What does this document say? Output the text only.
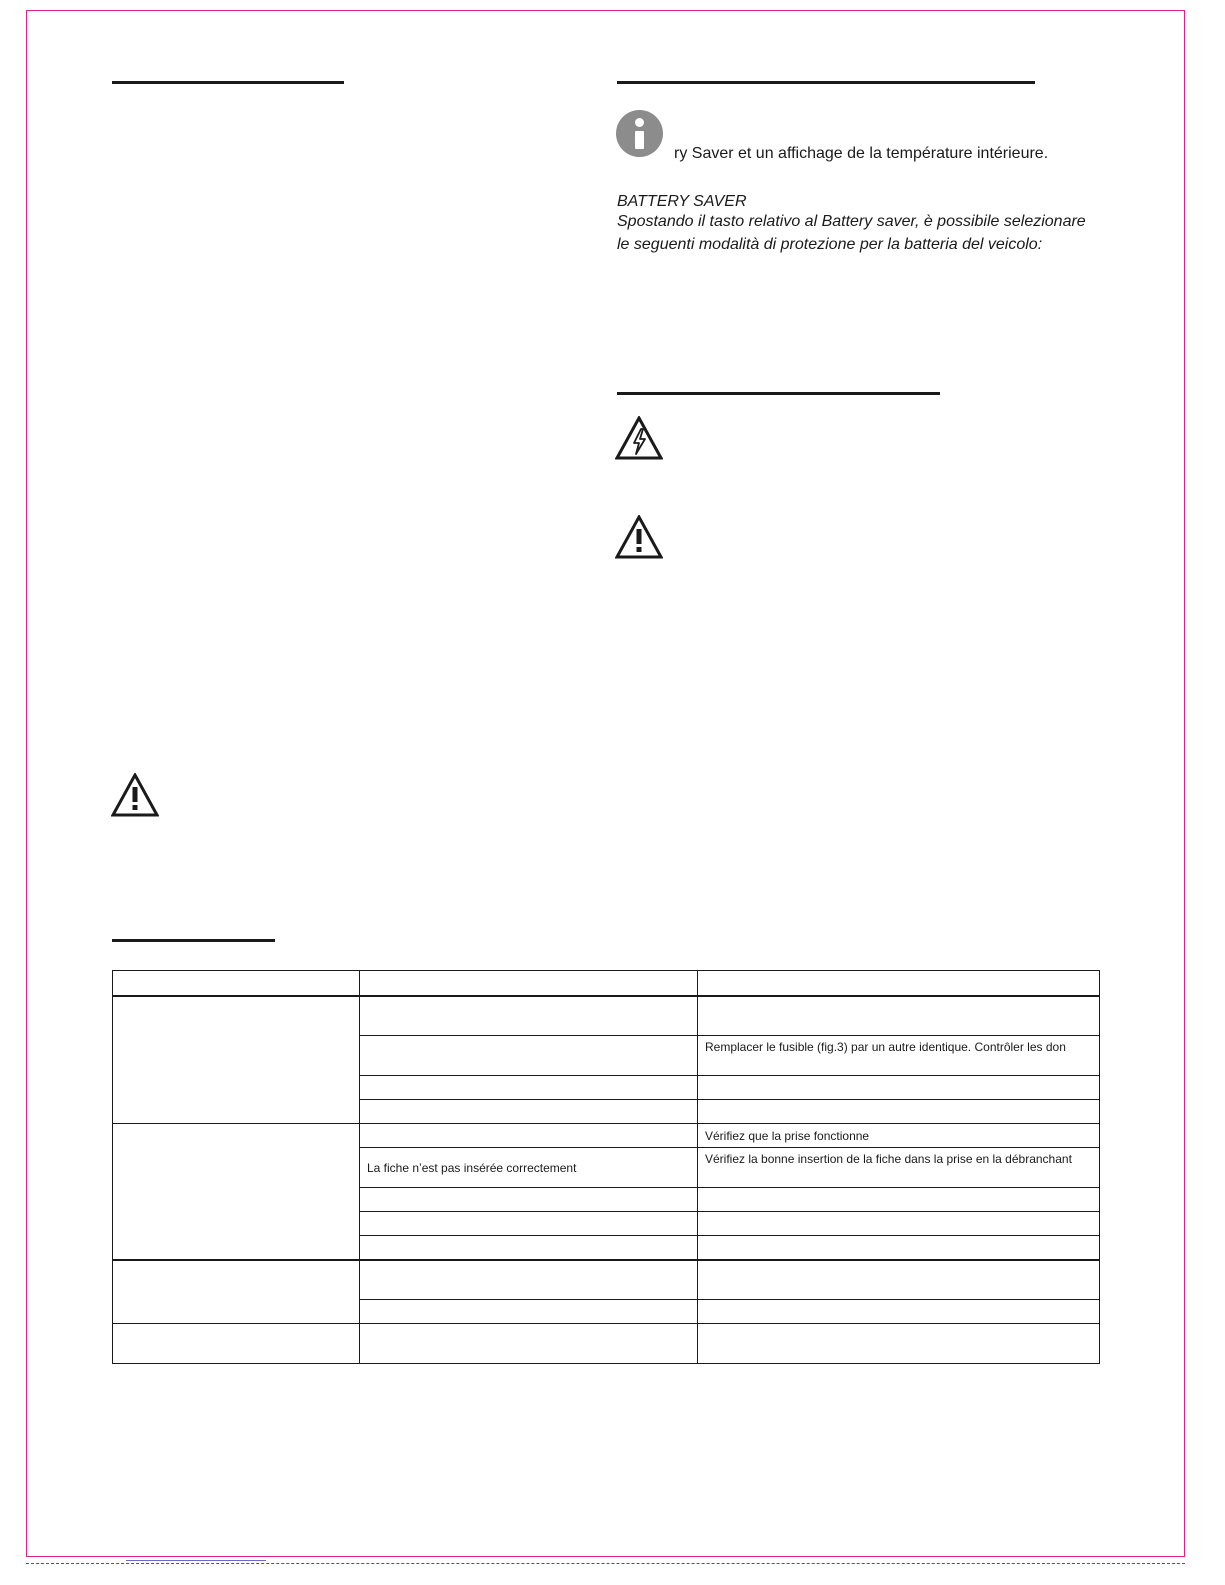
ry Saver et un affichage de la température intérieure.
BATTERY SAVER
Spostando il tasto relativo al Battery saver, è possibile selezionare
le seguenti modalità di protezione per la batteria del veicolo:

		Remplacer le fusible (fig.3) par un autre identique. Contrôler les don

		Vérifiez que la prise fonctionne
	La fiche n’est pas insérée correctement	Vérifiez la bonne insertion de la fiche dans la prise en la débranchant
